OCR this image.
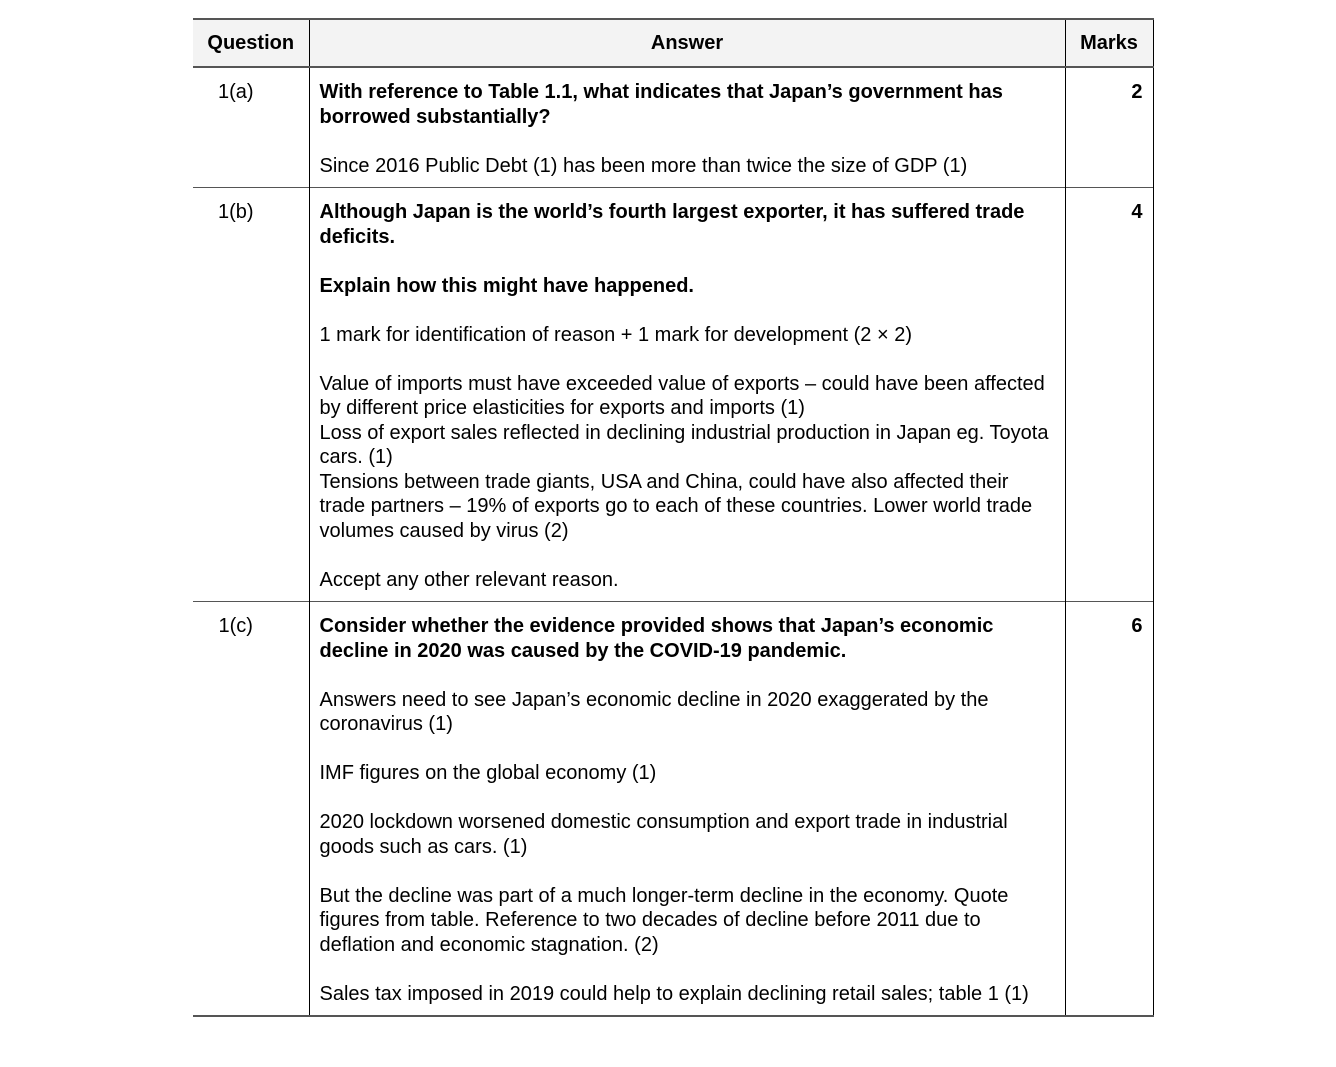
Question	Answer	Marks
1(a)	With reference to Table 1.1, what indicates that Japan’s government has borrowed substantially?

Since 2016 Public Debt (1) has been more than twice the size of GDP (1)	2
1(b)	Although Japan is the world’s fourth largest exporter, it has suffered trade deficits.

Explain how this might have happened.

1 mark for identification of reason + 1 mark for development (2 × 2)

Value of imports must have exceeded value of exports – could have been affected by different price elasticities for exports and imports (1)

Loss of export sales reflected in declining industrial production in Japan eg. Toyota cars. (1)

Tensions between trade giants, USA and China, could have also affected their trade partners – 19% of exports go to each of these countries. Lower world trade volumes caused by virus (2)

Accept any other relevant reason.

	4
1(c)	Consider whether the evidence provided shows that Japan’s economic decline in 2020 was caused by the COVID-19 pandemic.

Answers need to see Japan’s economic decline in 2020 exaggerated by the coronavirus (1)

IMF figures on the global economy (1)

2020 lockdown worsened domestic consumption and export trade in industrial goods such as cars. (1)

But the decline was part of a much longer-term decline in the economy. Quote figures from table. Reference to two decades of decline before 2011 due to deflation and economic stagnation. (2)

Sales tax imposed in 2019 could help to explain declining retail sales; table 1 (1)

	6
